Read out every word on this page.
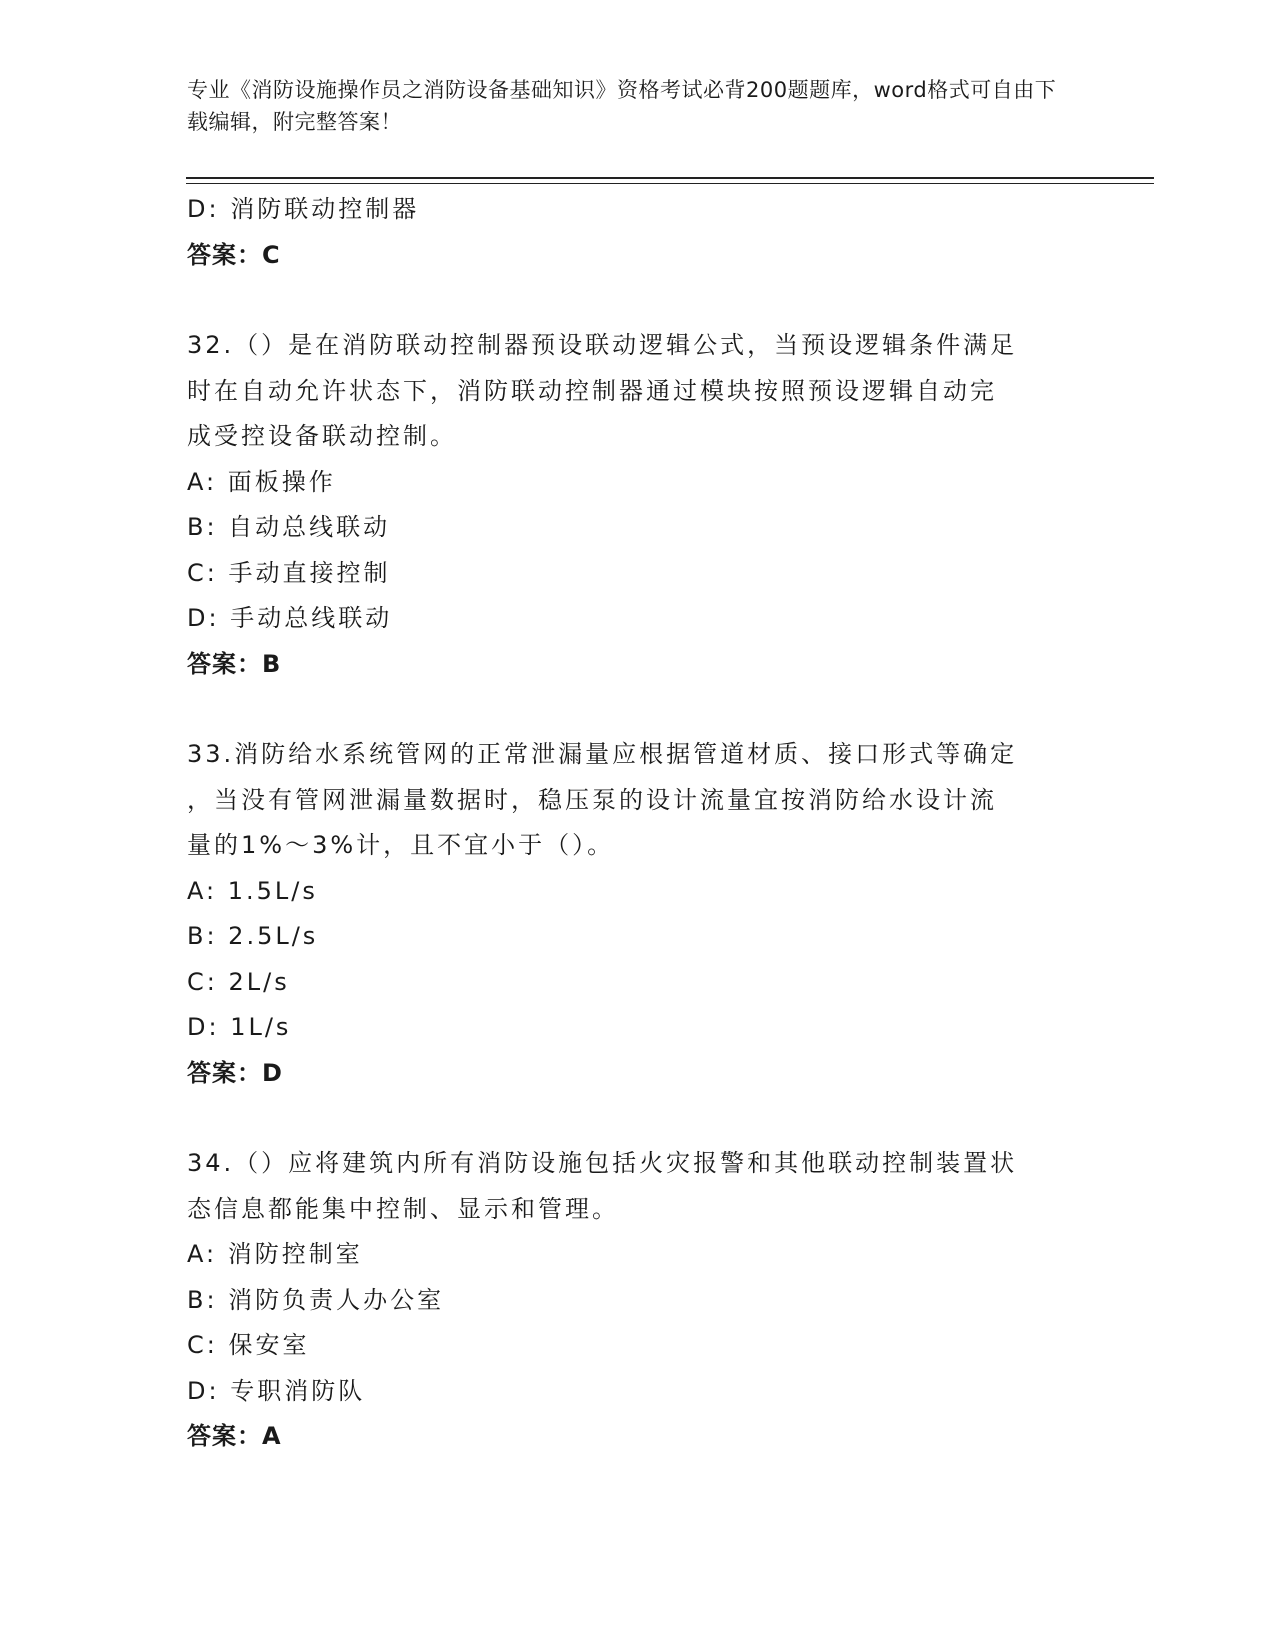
专业《消防设施操作员之消防设备基础知识》资格考试必背200题题库，word格式可自由下载编辑，附完整答案！
D: 消防联动控制器
答案：C
32.（）是在消防联动控制器预设联动逻辑公式，当预设逻辑条件满足
时在自动允许状态下，消防联动控制器通过模块按照预设逻辑自动完
成受控设备联动控制。
A: 面板操作
B: 自动总线联动
C: 手动直接控制
D: 手动总线联动
答案：B
33.消防给水系统管网的正常泄漏量应根据管道材质、接口形式等确定
，当没有管网泄漏量数据时，稳压泵的设计流量宜按消防给水设计流
量的1%～3%计，且不宜小于（）。
A: 1.5L/s
B: 2.5L/s
C: 2L/s
D: 1L/s
答案：D
34.（）应将建筑内所有消防设施包括火灾报警和其他联动控制装置状
态信息都能集中控制、显示和管理。
A: 消防控制室
B: 消防负责人办公室
C: 保安室
D: 专职消防队
答案：A
